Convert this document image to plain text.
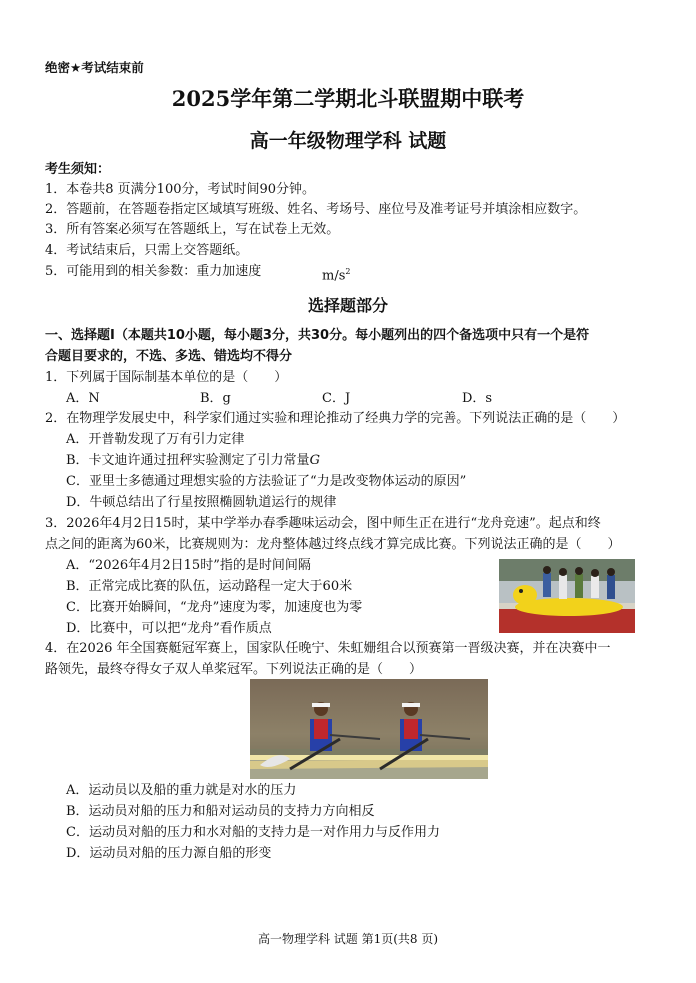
绝密★考试结束前
2025学年第二学期北斗联盟期中联考
高一年级物理学科 试题
考生须知：
1．本卷共8 页满分100分，考试时间90分钟。
2．答题前，在答题卷指定区域填写班级、姓名、考场号、座位号及准考证号并填涂相应数字。
3．所有答案必须写在答题纸上，写在试卷上无效。
4．考试结束后，只需上交答题纸。
5．可能用到的相关参数：重力加速度	$m/s^2$
选择题部分
一、选择题Ⅰ（本题共10小题，每小题3分，共30分。每小题列出的四个备选项中只有一个是符
合题目要求的，不选、多选、错选均不得分
1．下列属于国际制基本单位的是（　　）
A．N	B．g	C．J	D．s
2．在物理学发展史中，科学家们通过实验和理论推动了经典力学的完善。下列说法正确的是（　　）
A．开普勒发现了万有引力定律
B．卡文迪许通过扭秤实验测定了引力常量G
C．亚里士多德通过理想实验的方法验证了“力是改变物体运动的原因”
D．牛顿总结出了行星按照椭圆轨道运行的规律
3．2026年4月2日15时，某中学举办春季趣味运动会，图中师生正在进行“龙舟竞速”。起点和终
点之间的距离为60米，比赛规则为：龙舟整体越过终点线才算完成比赛。下列说法正确的是（　　）
A．“2026年4月2日15时”指的是时间间隔
B．正常完成比赛的队伍，运动路程一定大于60米
C．比赛开始瞬间，“龙舟”速度为零，加速度也为零
D．比赛中，可以把“龙舟”看作质点
4．在2026 年全国赛艇冠军赛上，国家队任晚宁、朱虹姗组合以预赛第一晋级决赛，并在决赛中一
路领先，最终夺得女子双人单桨冠军。下列说法正确的是（　　）
A．运动员以及船的重力就是对水的压力
B．运动员对船的压力和船对运动员的支持力方向相反
C．运动员对船的压力和水对船的支持力是一对作用力与反作用力
D．运动员对船的压力源自船的形变
高一物理学科 试题 第1页(共8 页)
